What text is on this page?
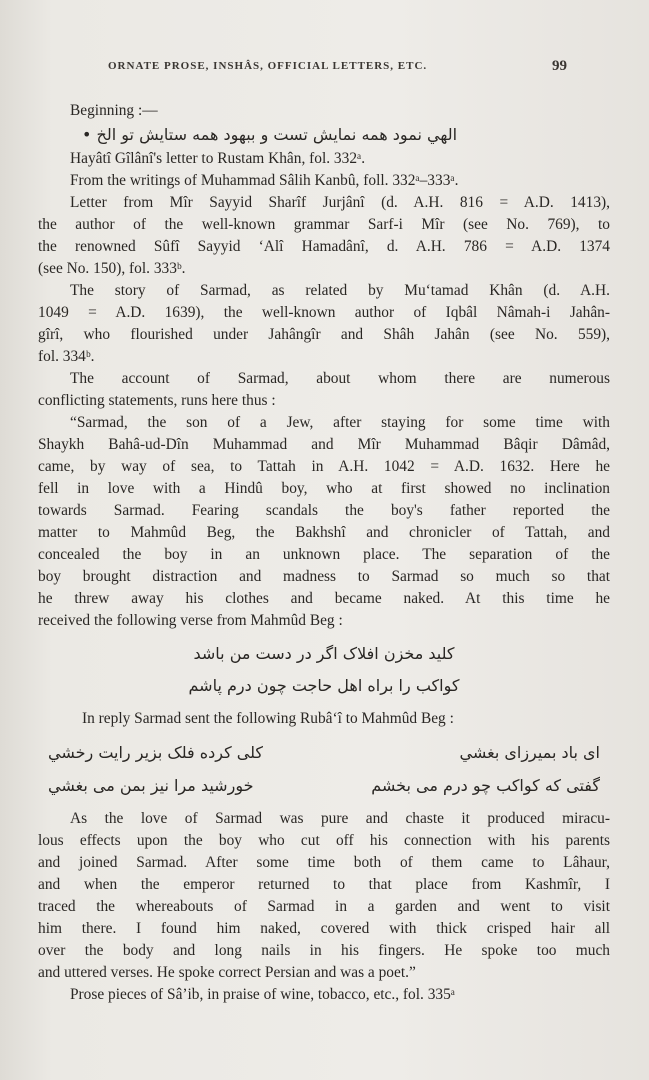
ORNATE PROSE, INSHÂS, OFFICIAL LETTERS, ETC.	99
Beginning :—
الهي نمود همه نمایش تست و ببهود همه ستایش تو الخ •
Hayâtî Gîlânî's letter to Rustam Khân, fol. 332ᵃ.
From the writings of Muhammad Sâlih Kanbû, foll. 332ᵃ–333ᵃ.
Letter from Mîr Sayyid Sharîf Jurjânî (d. A.H. 816 = A.D. 1413),
the author of the well-known grammar Sarf-i Mîr (see No. 769), to
the renowned Sûfî Sayyid ʻAlî Hamadânî, d. A.H. 786 = A.D. 1374
(see No. 150), fol. 333ᵇ.
The story of Sarmad, as related by Muʻtamad Khân (d. A.H.
1049 = A.D. 1639), the well-known author of Iqbâl Nâmah-i Jahân-
gîrî, who flourished under Jahângîr and Shâh Jahân (see No. 559),
fol. 334ᵇ.
The account of Sarmad, about whom there are numerous
conflicting statements, runs here thus :
“Sarmad, the son of a Jew, after staying for some time with
Shaykh Bahâ-ud-Dîn Muhammad and Mîr Muhammad Bâqir Dâmâd,
came, by way of sea, to Tattah in A.H. 1042 = A.D. 1632. Here he
fell in love with a Hindû boy, who at first showed no inclination
towards Sarmad. Fearing scandals the boy's father reported the
matter to Mahmûd Beg, the Bakhshî and chronicler of Tattah, and
concealed the boy in an unknown place. The separation of the
boy brought distraction and madness to Sarmad so much so that
he threw away his clothes and became naked. At this time he
received the following verse from Mahmûd Beg :
کلید مخزن افلاک اگر در دست من باشد
کواکب را براه اهل حاجت چون درم پاشم
In reply Sarmad sent the following Rubâʻî to Mahmûd Beg :
ای باد بمیرزای بغشي
کلی کرده فلک بزیر رایت رخشي
گفتی که کواکب چو درم می بخشم
خورشید مرا نیز بمن می بغشي
As the love of Sarmad was pure and chaste it produced miracu-
lous effects upon the boy who cut off his connection with his parents
and joined Sarmad. After some time both of them came to Lâhaur,
and when the emperor returned to that place from Kashmîr, I
traced the whereabouts of Sarmad in a garden and went to visit
him there. I found him naked, covered with thick crisped hair all
over the body and long nails in his fingers. He spoke too much
and uttered verses. He spoke correct Persian and was a poet.”
Prose pieces of Sâʼib, in praise of wine, tobacco, etc., fol. 335ᵃ
